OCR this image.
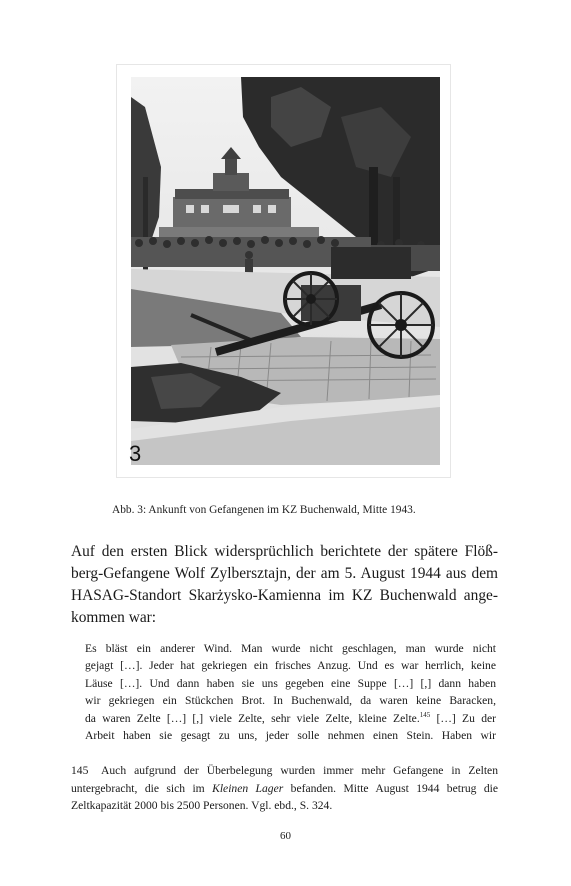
3
Abb. 3: Ankunft von Gefangenen im KZ Buchenwald, Mitte 1943.
Auf den ersten Blick widersprüchlich berichtete der spätere Flöß-
berg-Gefangene Wolf Zylbersztajn, der am 5. August 1944 aus dem
HASAG-Standort Skarżysko-Kamienna im KZ Buchenwald ange-
kommen war:
Es bläst ein anderer Wind. Man wurde nicht geschlagen, man wurde nicht
gejagt […]. Jeder hat gekriegen ein frisches Anzug. Und es war herrlich, keine
Läuse […]. Und dann haben sie uns gegeben eine Suppe […] [,] dann haben
wir gekriegen ein Stückchen Brot. In Buchenwald, da waren keine Baracken,
da waren Zelte […] [,] viele Zelte, sehr viele Zelte, kleine Zelte.$^{145}$ […] Zu der
Arbeit haben sie gesagt zu uns, jeder solle nehmen einen Stein. Haben wir
145 Auch aufgrund der Überbelegung wurden immer mehr Gefangene in Zelten
untergebracht, die sich im Kleinen Lager befanden. Mitte August 1944 betrug die
Zeltkapazität 2000 bis 2500 Personen. Vgl. ebd., S. 324.
60
